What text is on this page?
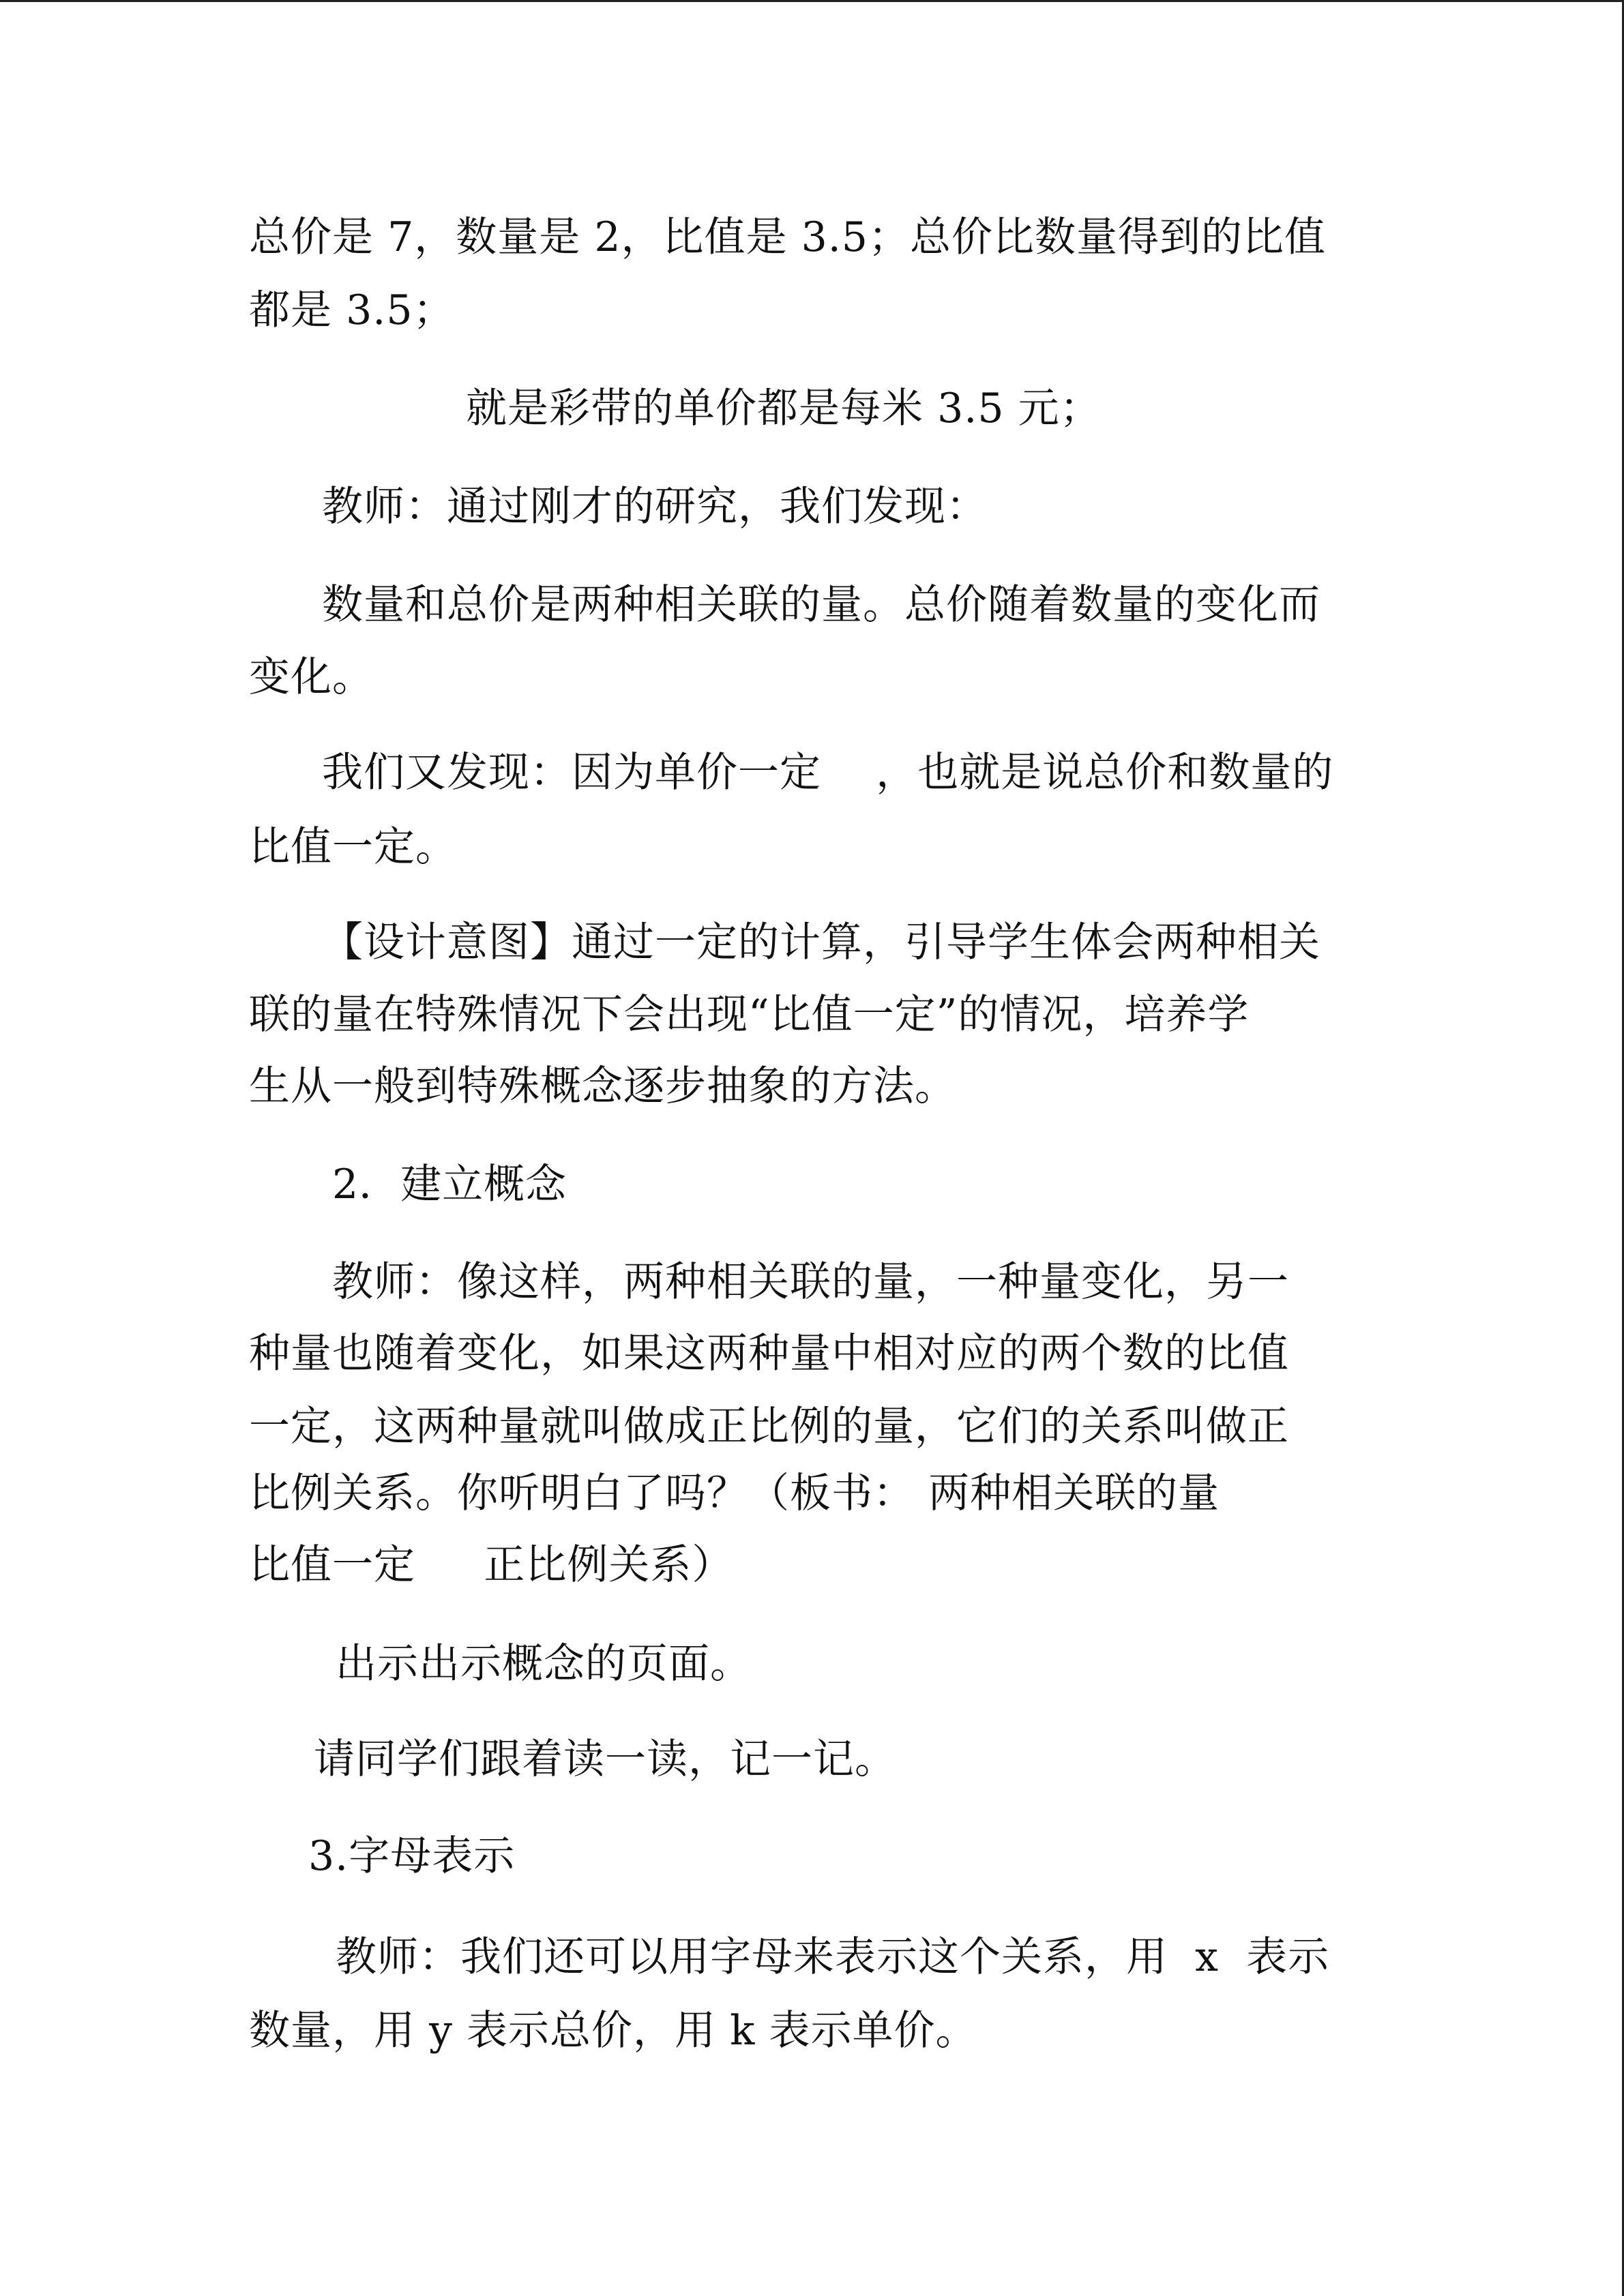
总价是 7，数量是 2，比值是 3.5；总价比数量得到的比值
都是 3.5；
就是彩带的单价都是每米 3.5 元；
教师：通过刚才的研究，我们发现：
数量和总价是两种相关联的量。总价随着数量的变化而
变化。
我们又发现：因为单价一定    ，也就是说总价和数量的
比值一定。
【设计意图】通过一定的计算，引导学生体会两种相关
联的量在特殊情况下会出现“比值一定”的情况，培养学
生从一般到特殊概念逐步抽象的方法。
2．建立概念
教师：像这样，两种相关联的量，一种量变化，另一
种量也随着变化，如果这两种量中相对应的两个数的比值
一定，这两种量就叫做成正比例的量，它们的关系叫做正
比例关系。你听明白了吗？（板书： 两种相关联的量
比值一定     正比例关系）
出示出示概念的页面。
请同学们跟着读一读，记一记。
3.字母表示
教师：我们还可以用字母来表示这个关系，用  x  表示
数量，用 y 表示总价，用 k 表示单价。
